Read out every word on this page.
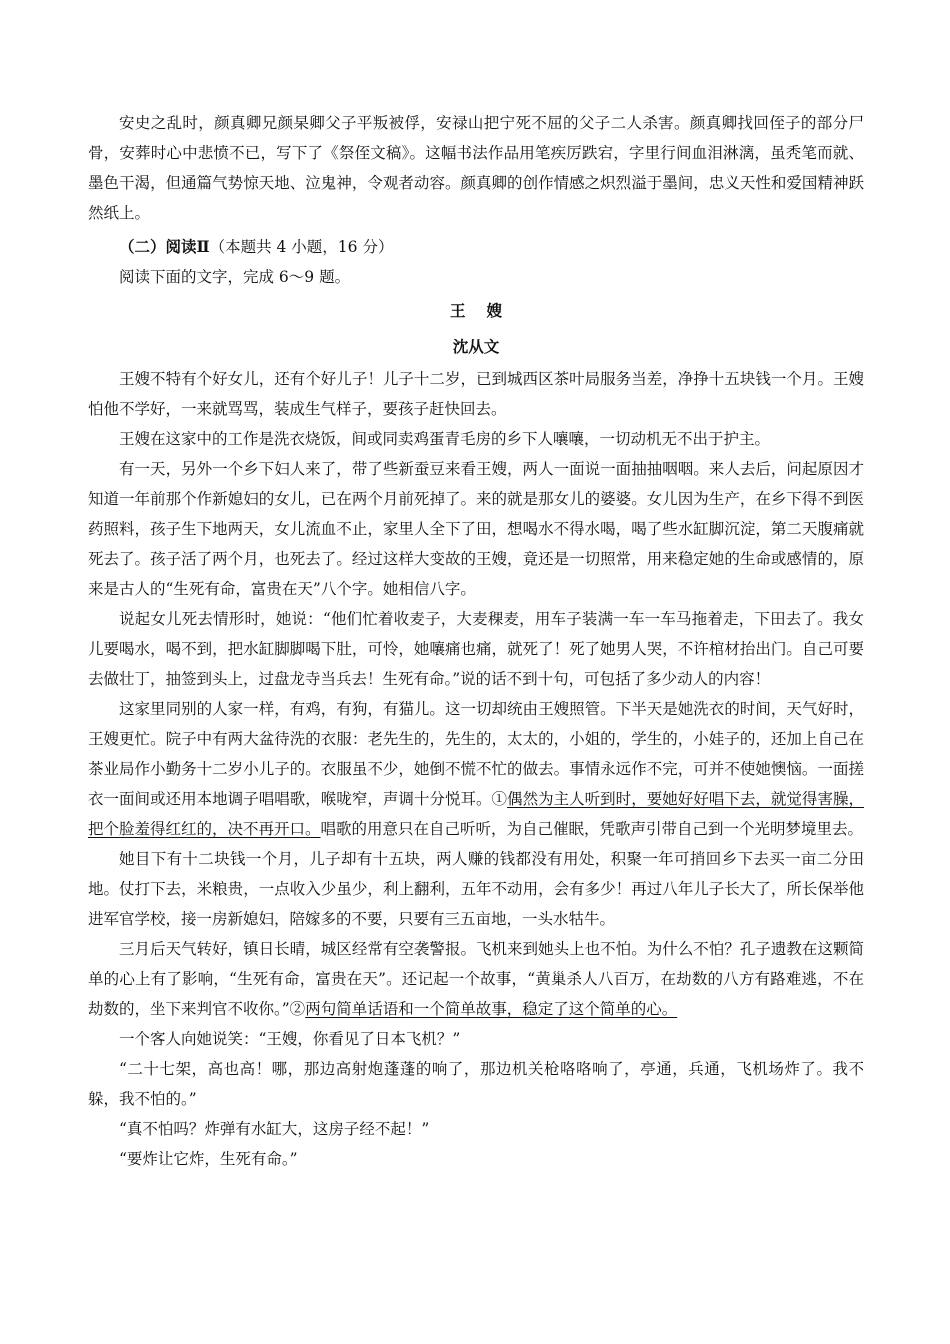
安史之乱时，颜真卿兄颜杲卿父子平叛被俘，安禄山把宁死不屈的父子二人杀害。颜真卿找回侄子的部分尸骨，安葬时心中悲愤不已，写下了《祭侄文稿》。这幅书法作品用笔疾厉跌宕，字里行间血泪淋漓，虽秃笔而就、墨色干渴，但通篇气势惊天地、泣鬼神，令观者动容。颜真卿的创作情感之炽烈溢于墨间，忠义天性和爱国精神跃然纸上。

（二）阅读Ⅱ（本题共 4 小题，16 分）

阅读下面的文字，完成 6～9 题。

王 嫂

沈从文

王嫂不特有个好女儿，还有个好儿子！儿子十二岁，已到城西区茶叶局服务当差，净挣十五块钱一个月。王嫂怕他不学好，一来就骂骂，装成生气样子，要孩子赶快回去。

王嫂在这家中的工作是洗衣烧饭，间或同卖鸡蛋青毛房的乡下人嚷嚷，一切动机无不出于护主。

有一天，另外一个乡下妇人来了，带了些新蚕豆来看王嫂，两人一面说一面抽抽咽咽。来人去后，问起原因才知道一年前那个作新媳妇的女儿，已在两个月前死掉了。来的就是那女儿的婆婆。女儿因为生产，在乡下得不到医药照料，孩子生下地两天，女儿流血不止，家里人全下了田，想喝水不得水喝，喝了些水缸脚沉淀，第二天腹痛就死去了。孩子活了两个月，也死去了。经过这样大变故的王嫂，竟还是一切照常，用来稳定她的生命或感情的，原来是古人的“生死有命，富贵在天”八个字。她相信八字。

说起女儿死去情形时，她说：“他们忙着收麦子，大麦稞麦，用车子装满一车一车马拖着走，下田去了。我女儿要喝水，喝不到，把水缸脚脚喝下肚，可怜，她嚷痛也痛，就死了！死了她男人哭，不许棺材抬出门。自己可要去做壮丁，抽签到头上，过盘龙寺当兵去！生死有命。”说的话不到十句，可包括了多少动人的内容！

这家里同别的人家一样，有鸡，有狗，有猫儿。这一切却统由王嫂照管。下半天是她洗衣的时间，天气好时，王嫂更忙。院子中有两大盆待洗的衣服：老先生的，先生的，太太的，小姐的，学生的，小娃子的，还加上自己在茶业局作小勤务十二岁小儿子的。衣服虽不少，她倒不慌不忙的做去。事情永远作不完，可并不使她懊恼。一面搓衣一面间或还用本地调子唱唱歌，喉咙窄，声调十分悦耳。①偶然为主人听到时，要她好好唱下去，就觉得害臊，把个脸羞得红红的，决不再开口。唱歌的用意只在自己听听，为自己催眠，凭歌声引带自己到一个光明梦境里去。

她目下有十二块钱一个月，儿子却有十五块，两人赚的钱都没有用处，积聚一年可捎回乡下去买一亩二分田地。仗打下去，米粮贵，一点收入少虽少，利上翻利，五年不动用，会有多少！再过八年儿子长大了，所长保举他进军官学校，接一房新媳妇，陪嫁多的不要，只要有三五亩地，一头水牯牛。

三月后天气转好，镇日长晴，城区经常有空袭警报。飞机来到她头上也不怕。为什么不怕？孔子遗教在这颗简单的心上有了影响，“生死有命，富贵在天”。还记起一个故事，“黄巢杀人八百万，在劫数的八方有路难逃，不在劫数的，坐下来判官不收你。”②两句简单话语和一个简单故事，稳定了这个简单的心。

一个客人向她说笑：“王嫂，你看见了日本飞机？”

“二十七架，高也高！哪，那边高射炮蓬蓬的响了，那边机关枪咯咯响了，亭通，兵通，飞机场炸了。我不躲，我不怕的。”

“真不怕吗？炸弹有水缸大，这房子经不起！”

“要炸让它炸，生死有命。”
